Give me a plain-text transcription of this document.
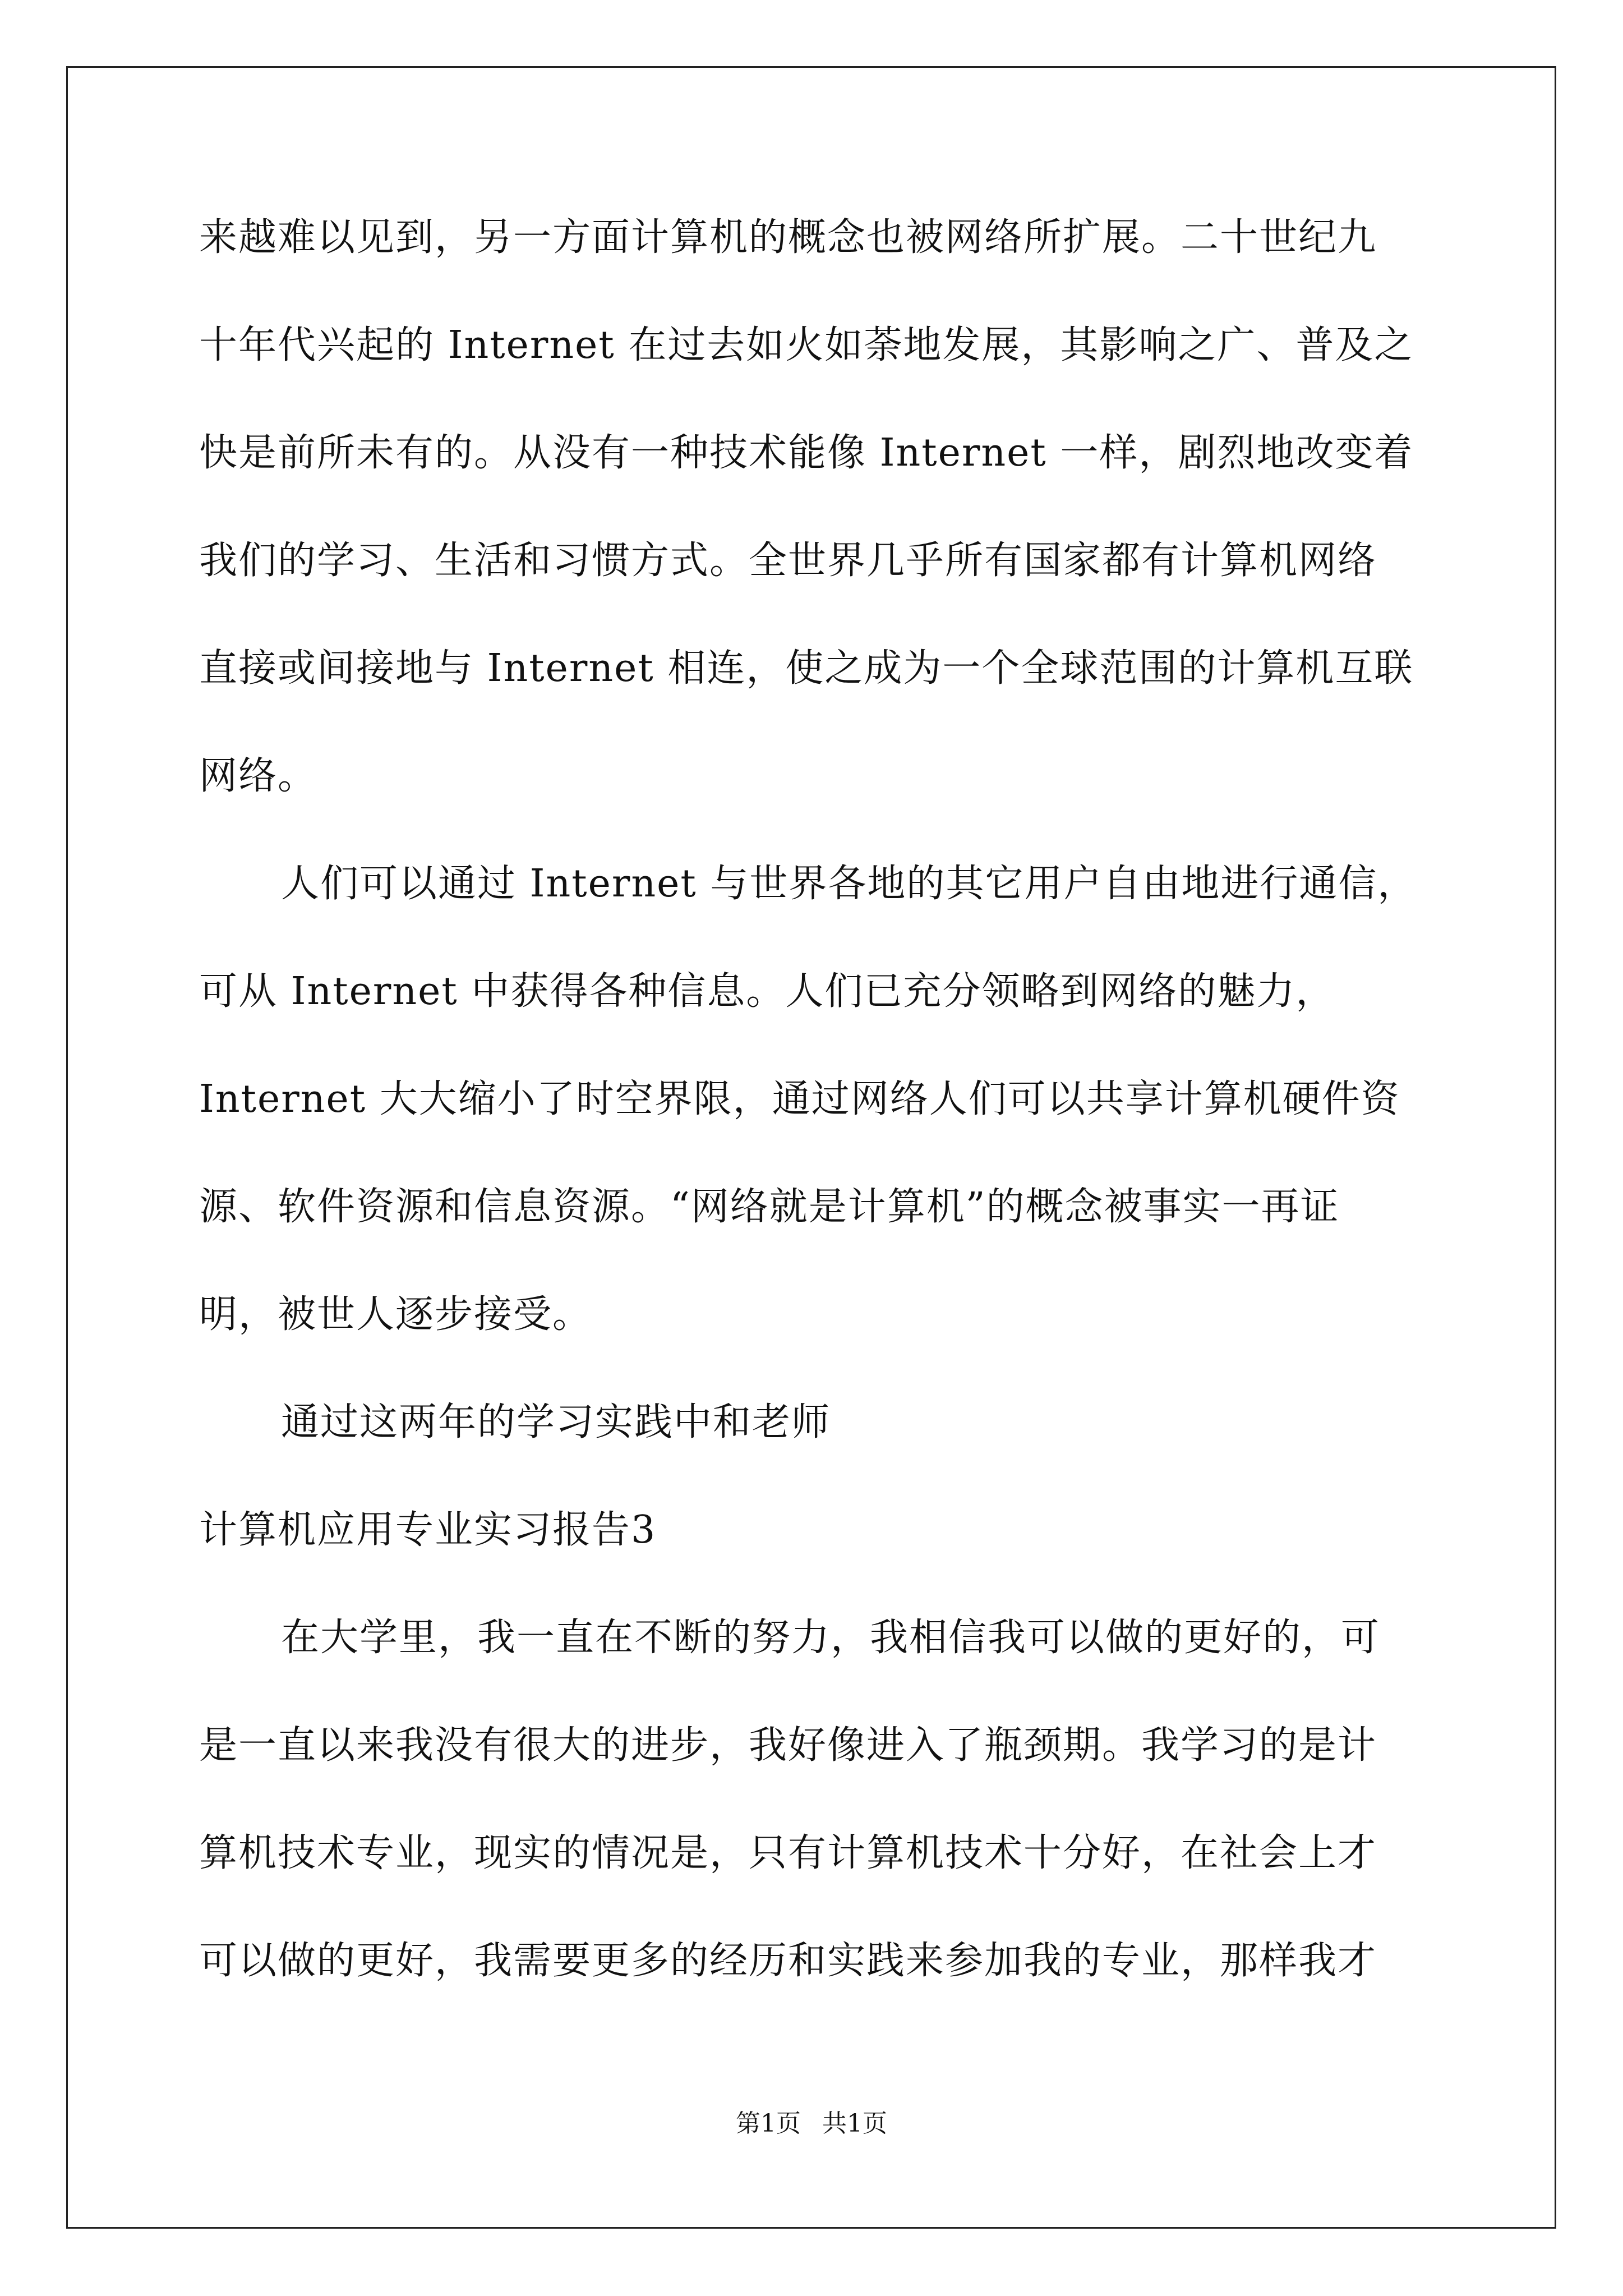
来越难以见到，另一方面计算机的概念也被网络所扩展。二十世纪九
十年代兴起的 Internet 在过去如火如荼地发展，其影响之广、普及之
快是前所未有的。从没有一种技术能像 Internet 一样，剧烈地改变着
我们的学习、生活和习惯方式。全世界几乎所有国家都有计算机网络
直接或间接地与 Internet 相连，使之成为一个全球范围的计算机互联
网络。
人们可以通过 Internet 与世界各地的其它用户自由地进行通信，
可从 Internet 中获得各种信息。人们已充分领略到网络的魅力，
Internet 大大缩小了时空界限，通过网络人们可以共享计算机硬件资
源、软件资源和信息资源。“网络就是计算机”的概念被事实一再证
明，被世人逐步接受。
通过这两年的学习实践中和老师
计算机应用专业实习报告3
在大学里，我一直在不断的努力，我相信我可以做的更好的，可
是一直以来我没有很大的进步，我好像进入了瓶颈期。我学习的是计
算机技术专业，现实的情况是，只有计算机技术十分好，在社会上才
可以做的更好，我需要更多的经历和实践来参加我的专业，那样我才
第1页 共1页
